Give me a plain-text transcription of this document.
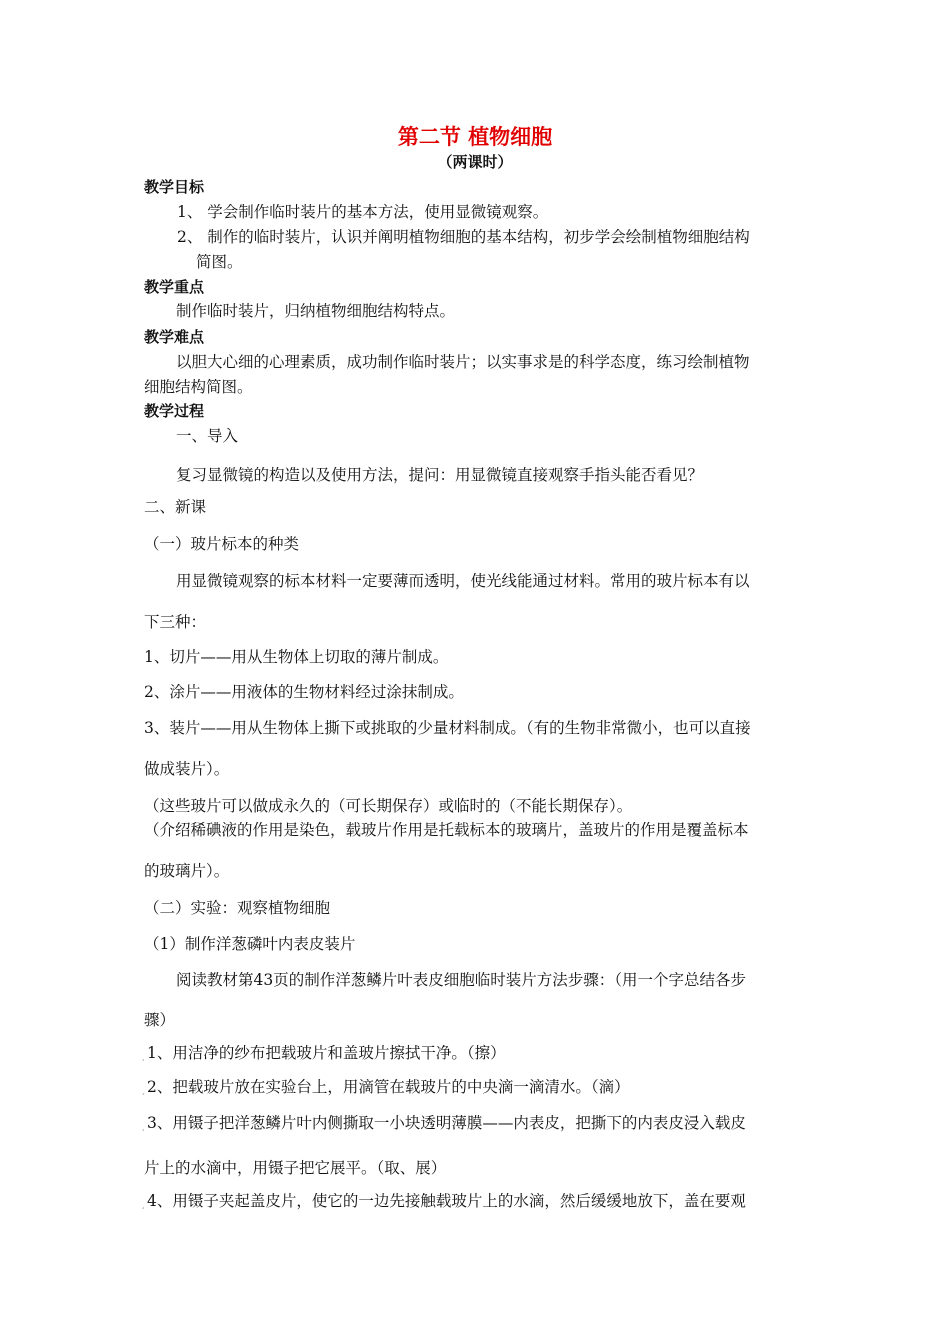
第二节 植物细胞
（两课时）
教学目标
1、 学会制作临时装片的基本方法，使用显微镜观察。
2、 制作的临时装片，认识并阐明植物细胞的基本结构，初步学会绘制植物细胞结构
简图。
教学重点
制作临时装片，归纳植物细胞结构特点。
教学难点
以胆大心细的心理素质，成功制作临时装片；以实事求是的科学态度，练习绘制植物
细胞结构简图。
教学过程
一、导入
复习显微镜的构造以及使用方法，提问：用显微镜直接观察手指头能否看见？
二、新课
（一）玻片标本的种类
用显微镜观察的标本材料一定要薄而透明，使光线能通过材料。常用的玻片标本有以
下三种：
1、切片——用从生物体上切取的薄片制成。
2、涂片——用液体的生物材料经过涂抹制成。
3、装片——用从生物体上撕下或挑取的少量材料制成。（有的生物非常微小，也可以直接
做成装片）。
（这些玻片可以做成永久的（可长期保存）或临时的（不能长期保存）。
（介绍稀碘液的作用是染色，载玻片作用是托载标本的玻璃片，盖玻片的作用是覆盖标本
的玻璃片）。
（二）实验：观察植物细胞
（1）制作洋葱磷叶内表皮装片
阅读教材第43页的制作洋葱鳞片叶表皮细胞临时装片方法步骤：（用一个字总结各步
骤）
¸ 1、用洁净的纱布把载玻片和盖玻片擦拭干净。（擦）
¸ 2、把载玻片放在实验台上，用滴管在载玻片的中央滴一滴清水。（滴）
¸ 3、用镊子把洋葱鳞片叶内侧撕取一小块透明薄膜——内表皮，把撕下的内表皮浸入载皮
片上的水滴中，用镊子把它展平。（取、展）
¸ 4、用镊子夹起盖皮片，使它的一边先接触载玻片上的水滴，然后缓缓地放下，盖在要观
